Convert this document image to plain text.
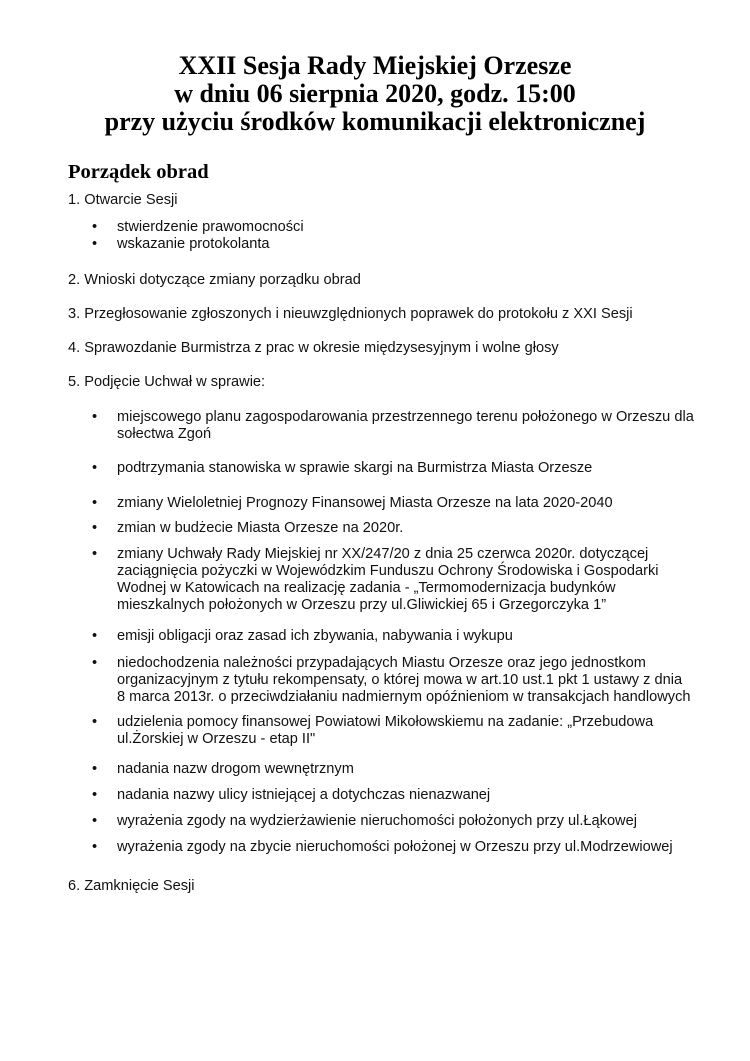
XXII Sesja Rady Miejskiej Orzesze
w dniu 06 sierpnia 2020, godz. 15:00
przy użyciu środków komunikacji elektronicznej
Porządek obrad
1. Otwarcie Sesji
• stwierdzenie prawomocności
• wskazanie protokolanta
2. Wnioski dotyczące zmiany porządku obrad
3. Przegłosowanie zgłoszonych i nieuwzględnionych poprawek do protokołu z XXI Sesji
4. Sprawozdanie Burmistrza z prac w okresie międzysesyjnym i wolne głosy
5. Podjęcie Uchwał w sprawie:
• miejscowego planu zagospodarowania przestrzennego terenu położonego w Orzeszu dla
sołectwa Zgoń
• podtrzymania stanowiska w sprawie skargi na Burmistrza Miasta Orzesze
• zmiany Wieloletniej Prognozy Finansowej Miasta Orzesze na lata 2020-2040
• zmian w budżecie Miasta Orzesze na 2020r.
• zmiany Uchwały Rady Miejskiej nr XX/247/20 z dnia 25 czerwca 2020r. dotyczącej
zaciągnięcia pożyczki w Wojewódzkim Funduszu Ochrony Środowiska i Gospodarki
Wodnej w Katowicach na realizację zadania - „Termomodernizacja budynków
mieszkalnych położonych w Orzeszu przy ul.Gliwickiej 65 i Grzegorczyka 1”
• emisji obligacji oraz zasad ich zbywania, nabywania i wykupu
• niedochodzenia należności przypadających Miastu Orzesze oraz jego jednostkom
organizacyjnym z tytułu rekompensaty, o której mowa w art.10 ust.1 pkt 1 ustawy z dnia
8 marca 2013r. o przeciwdziałaniu nadmiernym opóźnieniom w transakcjach handlowych
• udzielenia pomocy finansowej Powiatowi Mikołowskiemu na zadanie: „Przebudowa
ul.Żorskiej w Orzeszu - etap II"
• nadania nazw drogom wewnętrznym
• nadania nazwy ulicy istniejącej a dotychczas nienazwanej
• wyrażenia zgody na wydzierżawienie nieruchomości położonych przy ul.Łąkowej
• wyrażenia zgody na zbycie nieruchomości położonej w Orzeszu przy ul.Modrzewiowej
6. Zamknięcie Sesji
